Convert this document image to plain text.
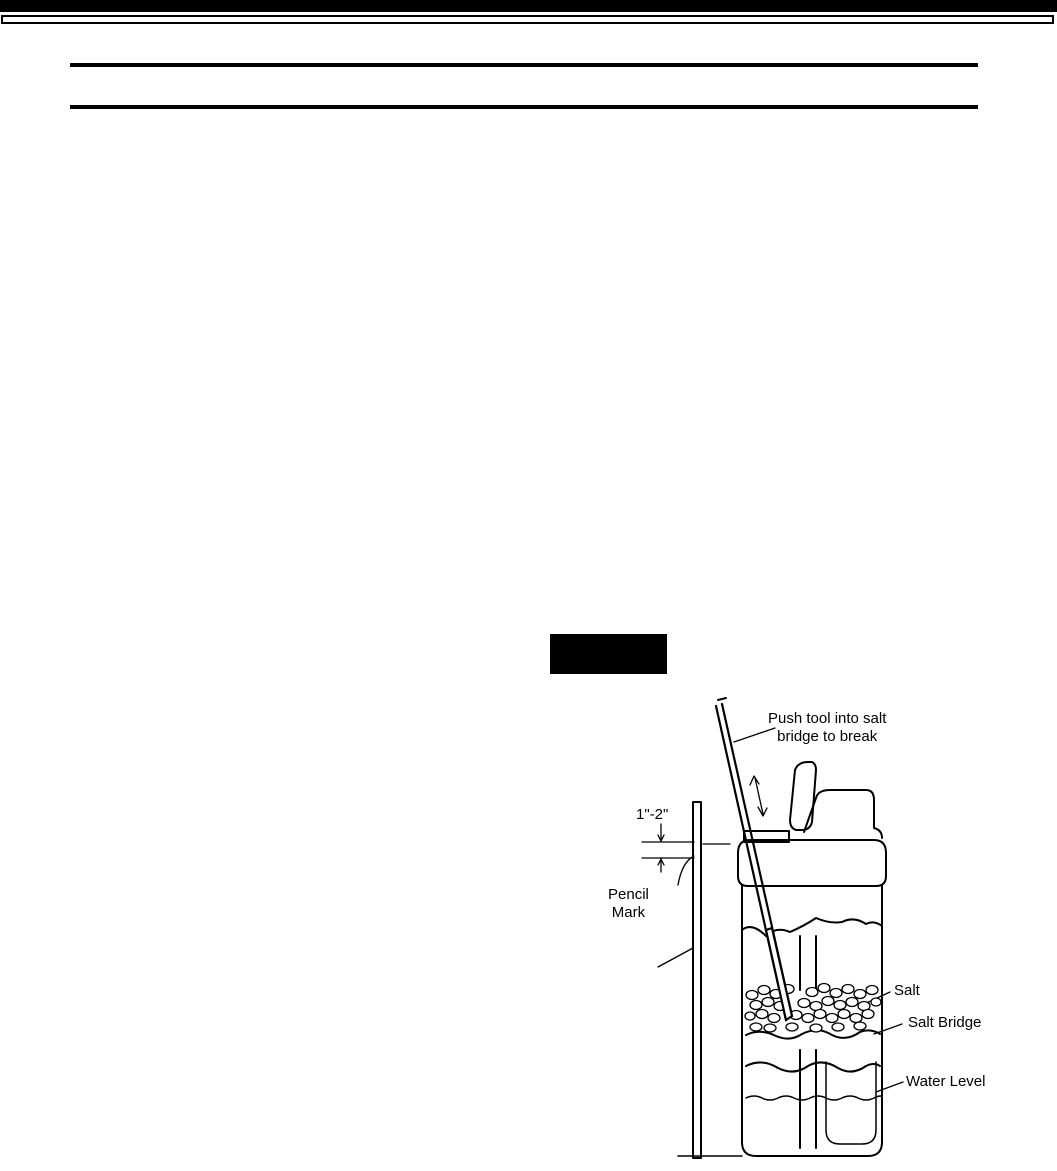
Push tool into salt
bridge to break
1"-2"
Pencil
Mark
Salt
Salt Bridge
Water Level
